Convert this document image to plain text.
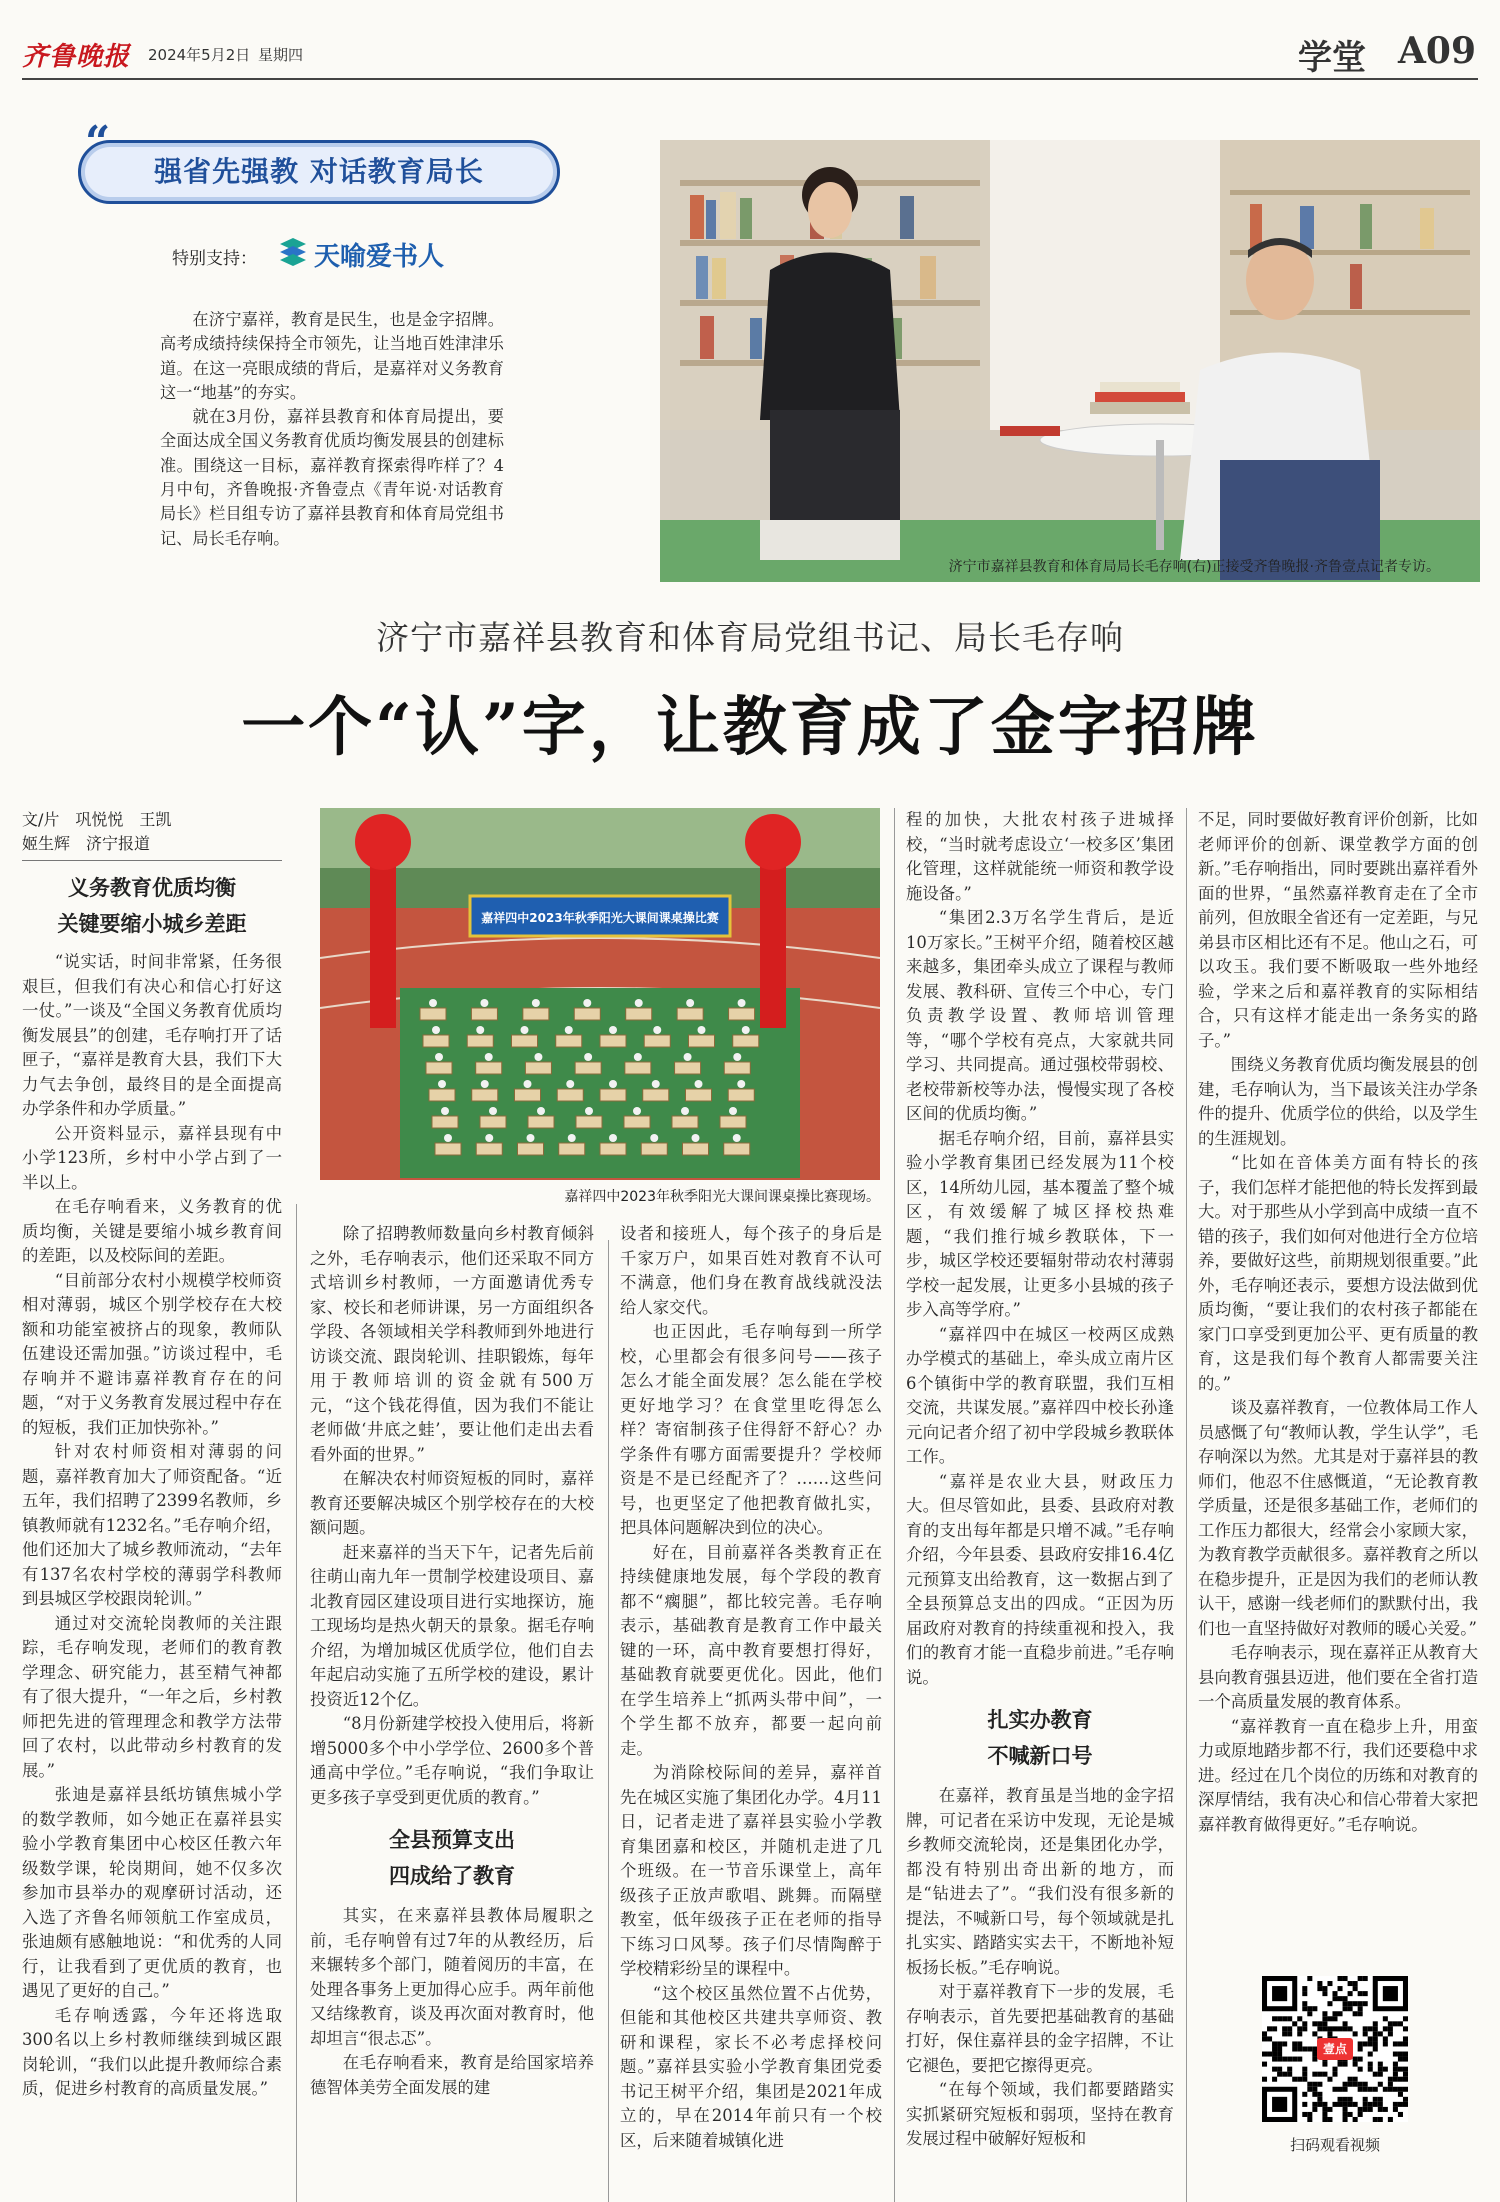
齐鲁晚报 2024年5月2日 星期四	学堂 A09
“
强省先强教 对话教育局长
特别支持： 天喻爱书人

在济宁嘉祥，教育是民生，也是金字招牌。高考成绩持续保持全市领先，让当地百姓津津乐道。在这一亮眼成绩的背后，是嘉祥对义务教育这一“地基”的夯实。

就在3月份，嘉祥县教育和体育局提出，要全面达成全国义务教育优质均衡发展县的创建标准。围绕这一目标，嘉祥教育探索得咋样了？4月中旬，齐鲁晚报·齐鲁壹点《青年说·对话教育局长》栏目组专访了嘉祥县教育和体育局党组书记、局长毛存响。

济宁市嘉祥县教育和体育局局长毛存响(右)正接受齐鲁晚报·齐鲁壹点记者专访。
济宁市嘉祥县教育和体育局党组书记、局长毛存响
一个“认”字，让教育成了金字招牌
文/片　巩悦悦　王凯
姬生辉　济宁报道
义务教育优质均衡
关键要缩小城乡差距

“说实话，时间非常紧，任务很艰巨，但我们有决心和信心打好这一仗。”一谈及“全国义务教育优质均衡发展县”的创建，毛存响打开了话匣子，“嘉祥是教育大县，我们下大力气去争创，最终目的是全面提高办学条件和办学质量。”

公开资料显示，嘉祥县现有中小学123所，乡村中小学占到了一半以上。

在毛存响看来，义务教育的优质均衡，关键是要缩小城乡教育间的差距，以及校际间的差距。

“目前部分农村小规模学校师资相对薄弱，城区个别学校存在大校额和功能室被挤占的现象，教师队伍建设还需加强。”访谈过程中，毛存响并不避讳嘉祥教育存在的问题，“对于义务教育发展过程中存在的短板，我们正加快弥补。”

针对农村师资相对薄弱的问题，嘉祥教育加大了师资配备。“近五年，我们招聘了2399名教师，乡镇教师就有1232名。”毛存响介绍，他们还加大了城乡教师流动，“去年有137名农村学校的薄弱学科教师到县城区学校跟岗轮训。”

通过对交流轮岗教师的关注跟踪，毛存响发现，老师们的教育教学理念、研究能力，甚至精气神都有了很大提升，“一年之后，乡村教师把先进的管理理念和教学方法带回了农村，以此带动乡村教育的发展。”

张迪是嘉祥县纸坊镇焦城小学的数学教师，如今她正在嘉祥县实验小学教育集团中心校区任教六年级数学课，轮岗期间，她不仅多次参加市县举办的观摩研讨活动，还入选了齐鲁名师领航工作室成员，张迪颇有感触地说：“和优秀的人同行，让我看到了更优质的教育，也遇见了更好的自己。”

毛存响透露，今年还将选取300名以上乡村教师继续到城区跟岗轮训，“我们以此提升教师综合素质，促进乡村教育的高质量发展。”

嘉祥四中2023年秋季阳光大课间课桌操比赛
嘉祥四中2023年秋季阳光大课间课桌操比赛现场。

除了招聘教师数量向乡村教育倾斜之外，毛存响表示，他们还采取不同方式培训乡村教师，一方面邀请优秀专家、校长和老师讲课，另一方面组织各学段、各领域相关学科教师到外地进行访谈交流、跟岗轮训、挂职锻炼，每年用于教师培训的资金就有500万元，“这个钱花得值，因为我们不能让老师做‘井底之蛙’，要让他们走出去看看外面的世界。”

在解决农村师资短板的同时，嘉祥教育还要解决城区个别学校存在的大校额问题。

赶来嘉祥的当天下午，记者先后前往萌山南九年一贯制学校建设项目、嘉北教育园区建设项目进行实地探访，施工现场均是热火朝天的景象。据毛存响介绍，为增加城区优质学位，他们自去年起启动实施了五所学校的建设，累计投资近12个亿。

“8月份新建学校投入使用后，将新增5000多个中小学学位、2600多个普通高中学位。”毛存响说，“我们争取让更多孩子享受到更优质的教育。”

全县预算支出
四成给了教育

其实，在来嘉祥县教体局履职之前，毛存响曾有过7年的从教经历，后来辗转多个部门，随着阅历的丰富，在处理各事务上更加得心应手。两年前他又结缘教育，谈及再次面对教育时，他却坦言“很忐忑”。

在毛存响看来，教育是给国家培养德智体美劳全面发展的建

设者和接班人，每个孩子的身后是千家万户，如果百姓对教育不认可不满意，他们身在教育战线就没法给人家交代。

也正因此，毛存响每到一所学校，心里都会有很多问号——孩子怎么才能全面发展？怎么能在学校更好地学习？在食堂里吃得怎么样？寄宿制孩子住得舒不舒心？办学条件有哪方面需要提升？学校师资是不是已经配齐了？……这些问号，也更坚定了他把教育做扎实，把具体问题解决到位的决心。

好在，目前嘉祥各类教育正在持续健康地发展，每个学段的教育都不“瘸腿”，都比较完善。毛存响表示，基础教育是教育工作中最关键的一环，高中教育要想打得好，基础教育就要更优化。因此，他们在学生培养上“抓两头带中间”，一个学生都不放弃，都要一起向前走。

为消除校际间的差异，嘉祥首先在城区实施了集团化办学。4月11日，记者走进了嘉祥县实验小学教育集团嘉和校区，并随机走进了几个班级。在一节音乐课堂上，高年级孩子正放声歌唱、跳舞。而隔壁教室，低年级孩子正在老师的指导下练习口风琴。孩子们尽情陶醉于学校精彩纷呈的课程中。

“这个校区虽然位置不占优势，但能和其他校区共建共享师资、教研和课程，家长不必考虑择校问题。”嘉祥县实验小学教育集团党委书记王树平介绍，集团是2021年成立的，早在2014年前只有一个校区，后来随着城镇化进

程的加快，大批农村孩子进城择校，“当时就考虑设立‘一校多区’集团化管理，这样就能统一师资和教学设施设备。”

“集团2.3万名学生背后，是近10万家长。”王树平介绍，随着校区越来越多，集团牵头成立了课程与教师发展、教科研、宣传三个中心，专门负责教学设置、教师培训管理等，“哪个学校有亮点，大家就共同学习、共同提高。通过强校带弱校、老校带新校等办法，慢慢实现了各校区间的优质均衡。”

据毛存响介绍，目前，嘉祥县实验小学教育集团已经发展为11个校区，14所幼儿园，基本覆盖了整个城区，有效缓解了城区择校热难题，“我们推行城乡教联体，下一步，城区学校还要辐射带动农村薄弱学校一起发展，让更多小县城的孩子步入高等学府。”

“嘉祥四中在城区一校两区成熟办学模式的基础上，牵头成立南片区6个镇街中学的教育联盟，我们互相交流，共谋发展。”嘉祥四中校长孙逢元向记者介绍了初中学段城乡教联体工作。

“嘉祥是农业大县，财政压力大。但尽管如此，县委、县政府对教育的支出每年都是只增不减。”毛存响介绍，今年县委、县政府安排16.4亿元预算支出给教育，这一数据占到了全县预算总支出的四成。“正因为历届政府对教育的持续重视和投入，我们的教育才能一直稳步前进。”毛存响说。

扎实办教育
不喊新口号

在嘉祥，教育虽是当地的金字招牌，可记者在采访中发现，无论是城乡教师交流轮岗，还是集团化办学，都没有特别出奇出新的地方，而是“钻进去了”。“我们没有很多新的提法，不喊新口号，每个领域就是扎扎实实、踏踏实实去干，不断地补短板扬长板。”毛存响说。

对于嘉祥教育下一步的发展，毛存响表示，首先要把基础教育的基础打好，保住嘉祥县的金字招牌，不让它褪色，要把它擦得更亮。

“在每个领域，我们都要踏踏实实抓紧研究短板和弱项，坚持在教育发展过程中破解好短板和

不足，同时要做好教育评价创新，比如老师评价的创新、课堂教学方面的创新。”毛存响指出，同时要跳出嘉祥看外面的世界，“虽然嘉祥教育走在了全市前列，但放眼全省还有一定差距，与兄弟县市区相比还有不足。他山之石，可以攻玉。我们要不断吸取一些外地经验，学来之后和嘉祥教育的实际相结合，只有这样才能走出一条务实的路子。”

围绕义务教育优质均衡发展县的创建，毛存响认为，当下最该关注办学条件的提升、优质学位的供给，以及学生的生涯规划。

“比如在音体美方面有特长的孩子，我们怎样才能把他的特长发挥到最大。对于那些从小学到高中成绩一直不错的孩子，我们如何对他进行全方位培养，要做好这些，前期规划很重要。”此外，毛存响还表示，要想方设法做到优质均衡，“要让我们的农村孩子都能在家门口享受到更加公平、更有质量的教育，这是我们每个教育人都需要关注的。”

谈及嘉祥教育，一位教体局工作人员感慨了句“教师认教，学生认学”，毛存响深以为然。尤其是对于嘉祥县的教师们，他忍不住感慨道，“无论教育教学质量，还是很多基础工作，老师们的工作压力都很大，经常会小家顾大家，为教育教学贡献很多。嘉祥教育之所以在稳步提升，正是因为我们的老师认教认干，感谢一线老师们的默默付出，我们也一直坚持做好对教师的暖心关爱。”

毛存响表示，现在嘉祥正从教育大县向教育强县迈进，他们要在全省打造一个高质量发展的教育体系。

“嘉祥教育一直在稳步上升，用蛮力或原地踏步都不行，我们还要稳中求进。经过在几个岗位的历练和对教育的深厚情结，我有决心和信心带着大家把嘉祥教育做得更好。”毛存响说。

壹点
扫码观看视频
